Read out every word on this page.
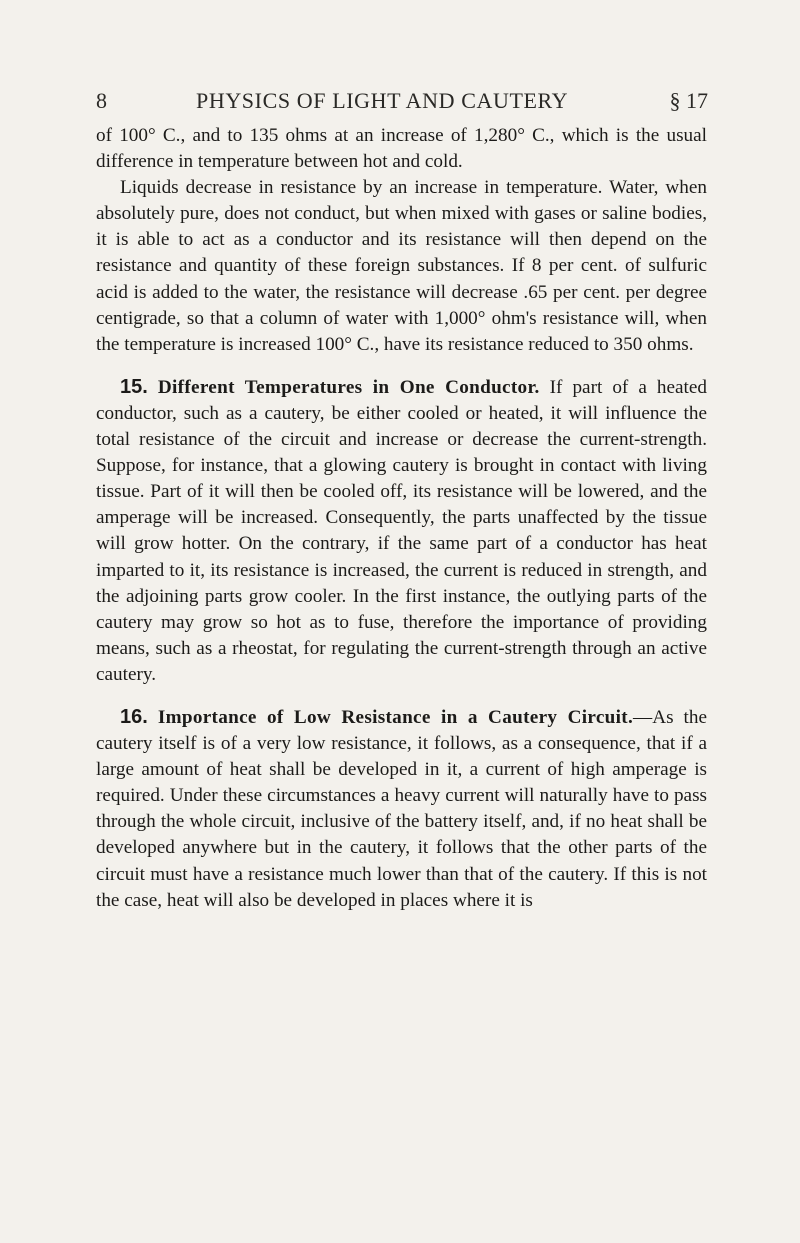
8	PHYSICS OF LIGHT AND CAUTERY	§ 17

of 100° C., and to 135 ohms at an increase of 1,280° C., which is the usual difference in temperature between hot and cold.

Liquids decrease in resistance by an increase in temperature. Water, when absolutely pure, does not conduct, but when mixed with gases or saline bodies, it is able to act as a conductor and its resistance will then depend on the resistance and quantity of these foreign substances. If 8 per cent. of sulfuric acid is added to the water, the resistance will decrease .65 per cent. per degree centigrade, so that a column of water with 1,000° ohm's resistance will, when the temperature is increased 100° C., have its resistance reduced to 350 ohms.

15. Different Temperatures in One Conductor. If part of a heated conductor, such as a cautery, be either cooled or heated, it will influence the total resistance of the circuit and increase or decrease the current-strength. Suppose, for instance, that a glowing cautery is brought in contact with living tissue. Part of it will then be cooled off, its resistance will be lowered, and the amperage will be increased. Consequently, the parts unaffected by the tissue will grow hotter. On the contrary, if the same part of a conductor has heat imparted to it, its resistance is increased, the current is reduced in strength, and the adjoining parts grow cooler. In the first instance, the outlying parts of the cautery may grow so hot as to fuse, therefore the importance of providing means, such as a rheostat, for regulating the current-strength through an active cautery.

16. Importance of Low Resistance in a Cautery Circuit.—As the cautery itself is of a very low resistance, it follows, as a consequence, that if a large amount of heat shall be developed in it, a current of high amperage is required. Under these circumstances a heavy current will naturally have to pass through the whole circuit, inclusive of the battery itself, and, if no heat shall be developed anywhere but in the cautery, it follows that the other parts of the circuit must have a resistance much lower than that of the cautery. If this is not the case, heat will also be developed in places where it is
